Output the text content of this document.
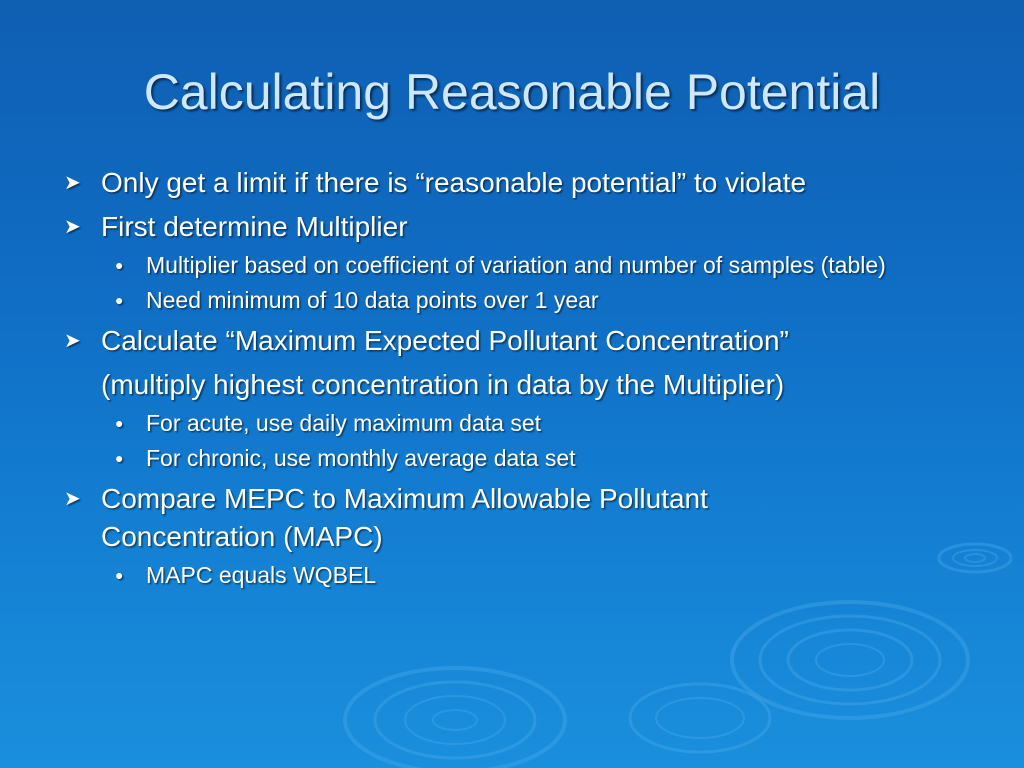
Calculating Reasonable Potential
➤ Only get a limit if there is “reasonable potential” to violate
➤ First determine Multiplier
● Multiplier based on coefficient of variation and number of samples (table)
● Need minimum of 10 data points over 1 year
➤ Calculate “Maximum Expected Pollutant Concentration”
(multiply highest concentration in data by the Multiplier)
● For acute, use daily maximum data set
● For chronic, use monthly average data set
➤ Compare MEPC to Maximum Allowable Pollutant Concentration (MAPC)
● MAPC equals WQBEL
